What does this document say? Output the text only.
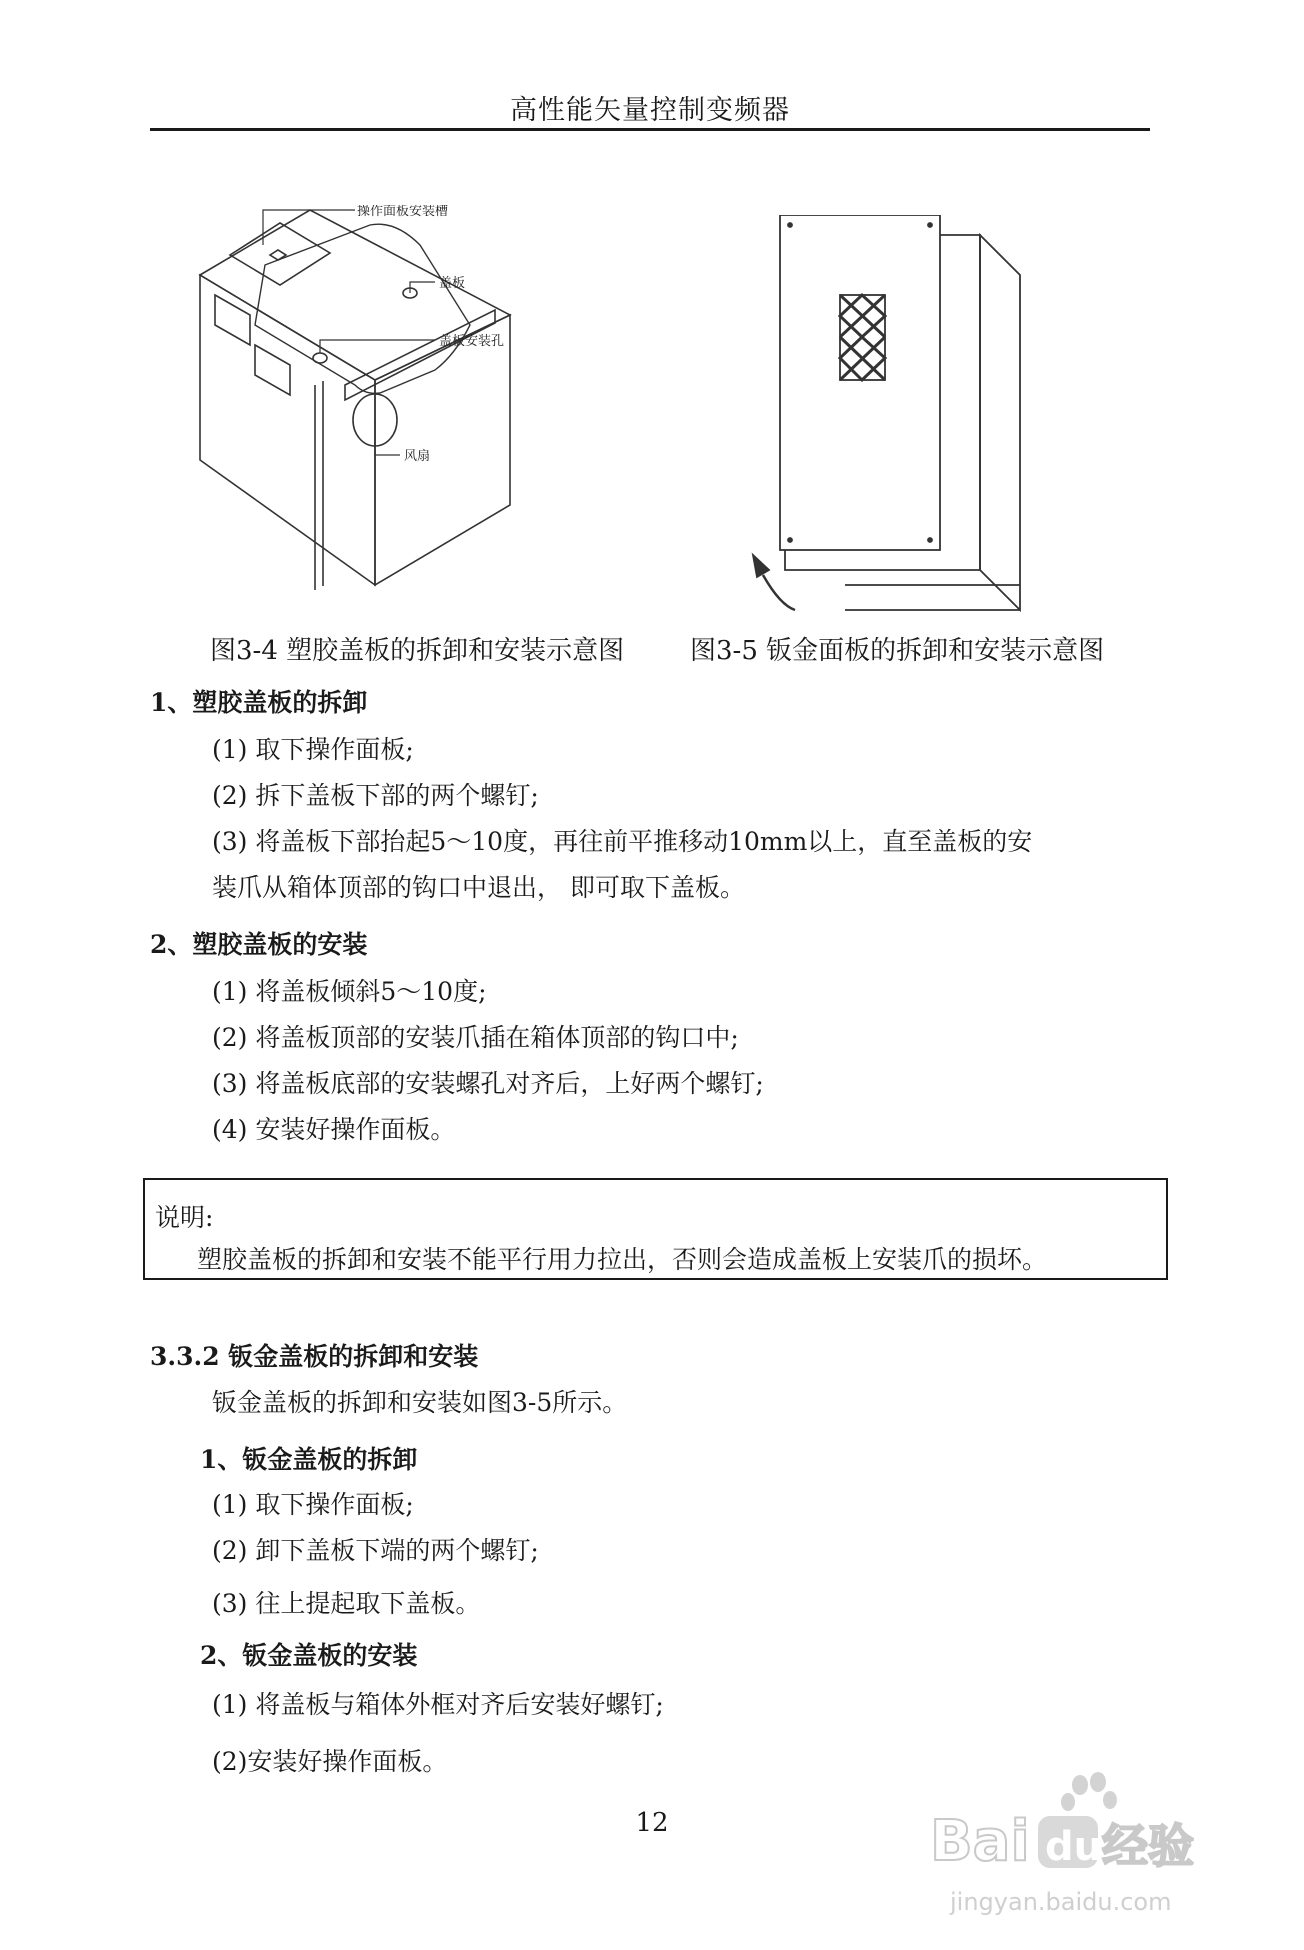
高性能矢量控制变频器
操作面板安装槽
盖板
盖板安装孔
风扇
图3-4 塑胶盖板的拆卸和安装示意图	图3-5 钣金面板的拆卸和安装示意图
1、塑胶盖板的拆卸
(1) 取下操作面板;
(2) 拆下盖板下部的两个螺钉;
(3) 将盖板下部抬起5～10度，再往前平推移动10mm以上，直至盖板的安
装爪从箱体顶部的钩口中退出， 即可取下盖板。
2、塑胶盖板的安装
(1) 将盖板倾斜5～10度;
(2) 将盖板顶部的安装爪插在箱体顶部的钩口中;
(3) 将盖板底部的安装螺孔对齐后，上好两个螺钉;
(4) 安装好操作面板。
说明:
塑胶盖板的拆卸和安装不能平行用力拉出，否则会造成盖板上安装爪的损坏。
3.3.2 钣金盖板的拆卸和安装
钣金盖板的拆卸和安装如图3-5所示。
1、钣金盖板的拆卸
(1) 取下操作面板;
(2) 卸下盖板下端的两个螺钉;
(3) 往上提起取下盖板。
2、钣金盖板的安装
(1) 将盖板与箱体外框对齐后安装好螺钉;
(2)安装好操作面板。
12	Bai du 经验
jingyan.baidu.com
